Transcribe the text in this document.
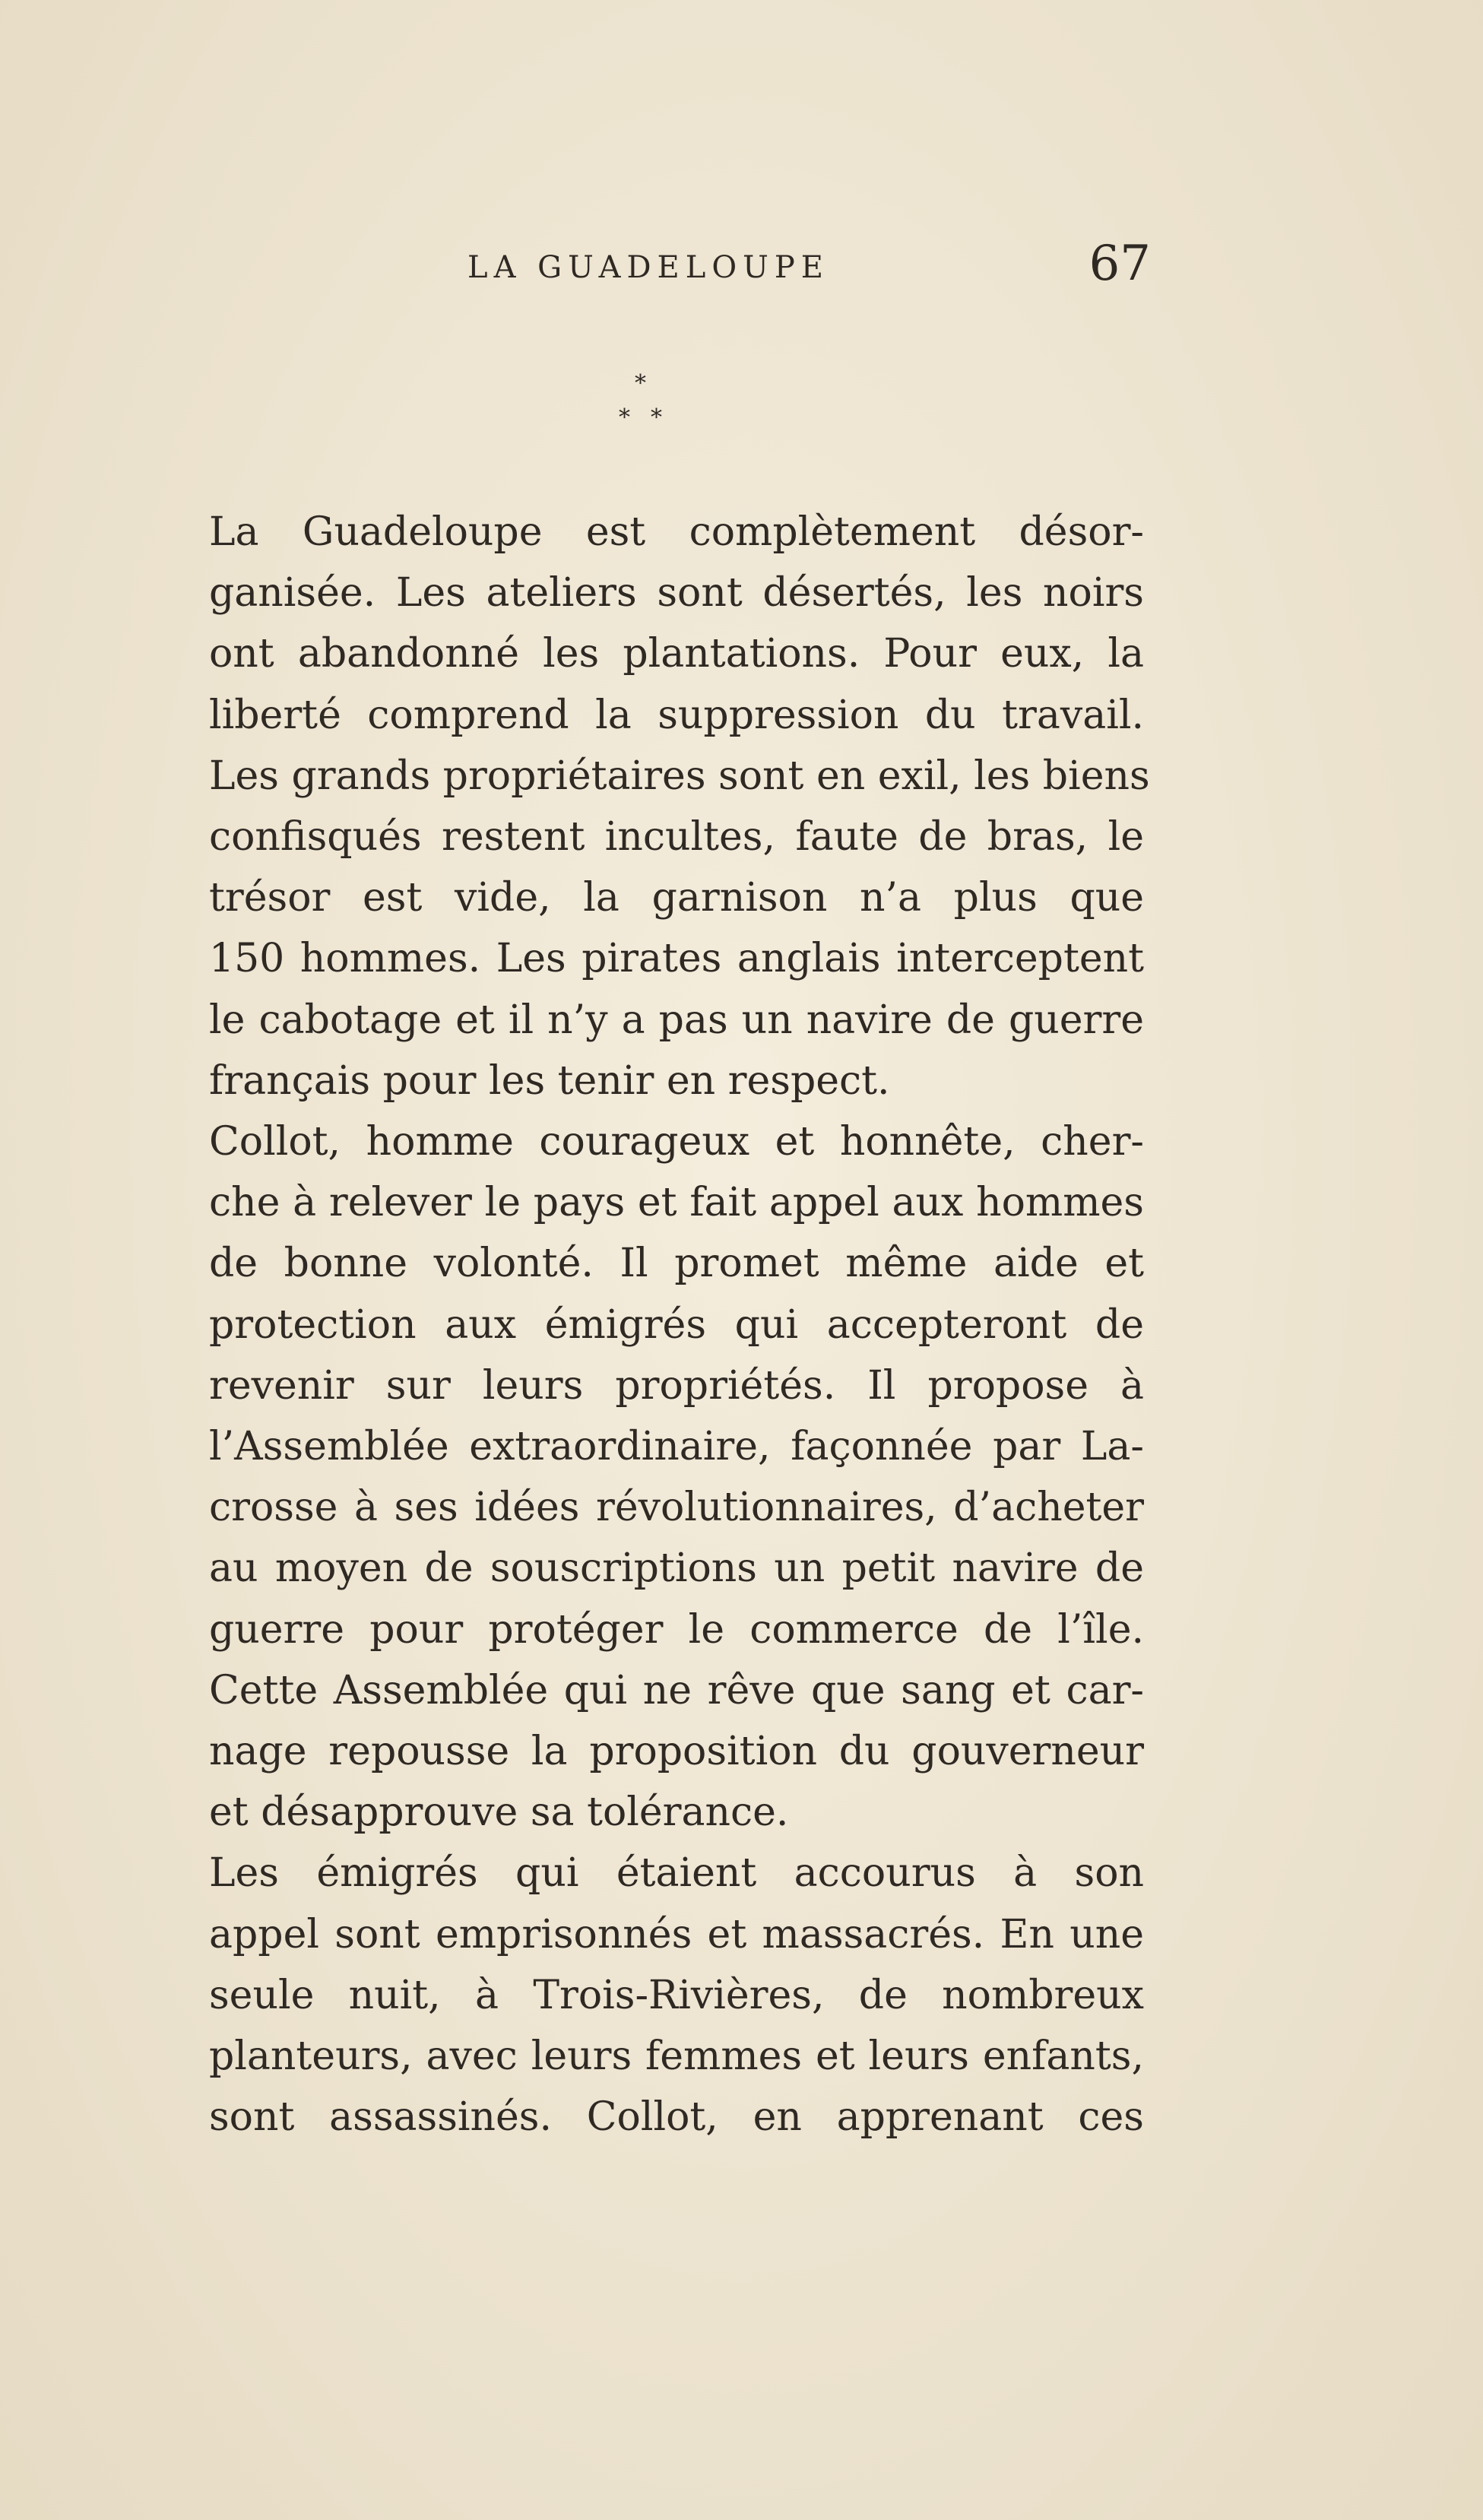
LA GUADELOUPE	67
*
* *

La Guadeloupe est complètement désor-
ganisée. Les ateliers sont désertés, les noirs
ont abandonné les plantations. Pour eux, la
liberté comprend la suppression du travail.
Les grands propriétaires sont en exil, les biens
confisqués restent incultes, faute de bras, le
trésor est vide, la garnison n’a plus que
150 hommes. Les pirates anglais interceptent
le cabotage et il n’y a pas un navire de guerre
français pour les tenir en respect.

Collot, homme courageux et honnête, cher-
che à relever le pays et fait appel aux hommes
de bonne volonté. Il promet même aide et
protection aux émigrés qui accepteront de
revenir sur leurs propriétés. Il propose à
l’Assemblée extraordinaire, façonnée par La-
crosse à ses idées révolutionnaires, d’acheter
au moyen de souscriptions un petit navire de
guerre pour protéger le commerce de l’île.
Cette Assemblée qui ne rêve que sang et car-
nage repousse la proposition du gouverneur
et désapprouve sa tolérance.

Les émigrés qui étaient accourus à son
appel sont emprisonnés et massacrés. En une
seule nuit, à Trois-Rivières, de nombreux
planteurs, avec leurs femmes et leurs enfants,
sont assassinés. Collot, en apprenant ces
